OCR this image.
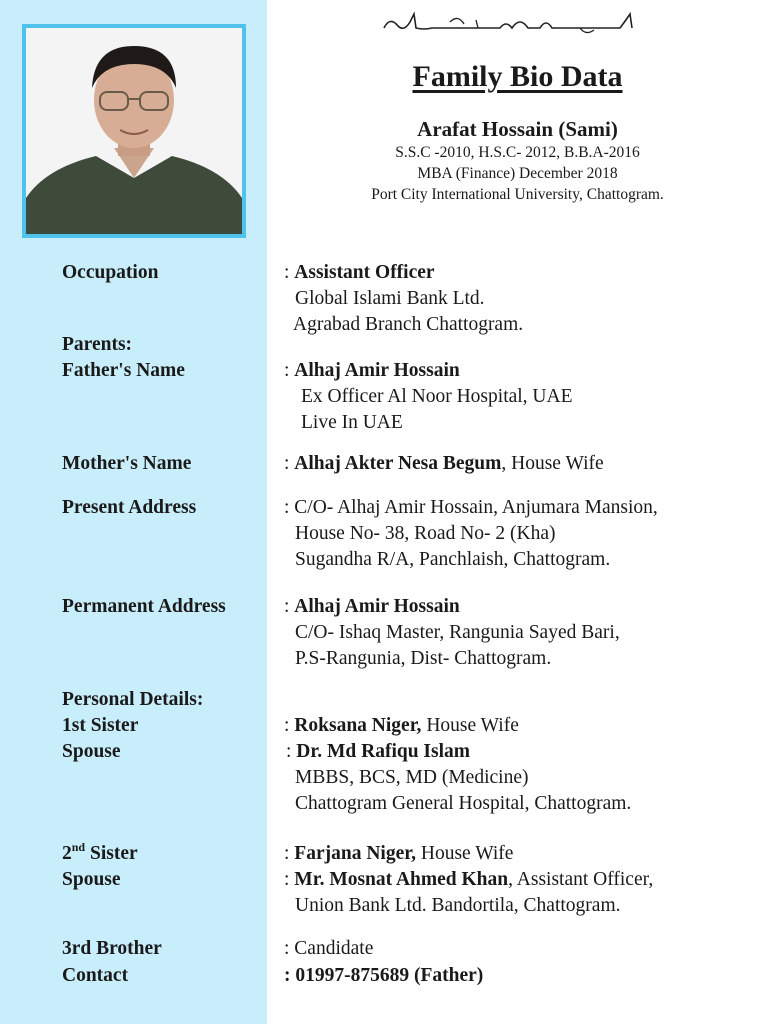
Family Bio Data
Arafat Hossain (Sami)
S.S.C -2010, H.S.C- 2012, B.B.A-2016
MBA (Finance) December 2018
Port City International University, Chattogram.
Occupation	: Assistant Officer
Global Islami Bank Ltd.
Agrabad Branch Chattogram.
Parents:
Father's Name	: Alhaj Amir Hossain
Ex Officer Al Noor Hospital, UAE
Live In UAE
Mother's Name	: Alhaj Akter Nesa Begum, House Wife
Present Address	: C/O- Alhaj Amir Hossain, Anjumara Mansion,
House No- 38, Road No- 2 (Kha)
Sugandha R/A, Panchlaish, Chattogram.
Permanent Address	: Alhaj Amir Hossain
C/O- Ishaq Master, Rangunia Sayed Bari,
P.S-Rangunia, Dist- Chattogram.
Personal Details:
1st Sister	: Roksana Niger, House Wife
Spouse	: Dr. Md Rafiqu Islam
MBBS, BCS, MD (Medicine)
Chattogram General Hospital, Chattogram.
2nd Sister	: Farjana Niger, House Wife
Spouse	: Mr. Mosnat Ahmed Khan, Assistant Officer,
Union Bank Ltd. Bandortila, Chattogram.
3rd Brother	: Candidate
Contact	: 01997-875689 (Father)
